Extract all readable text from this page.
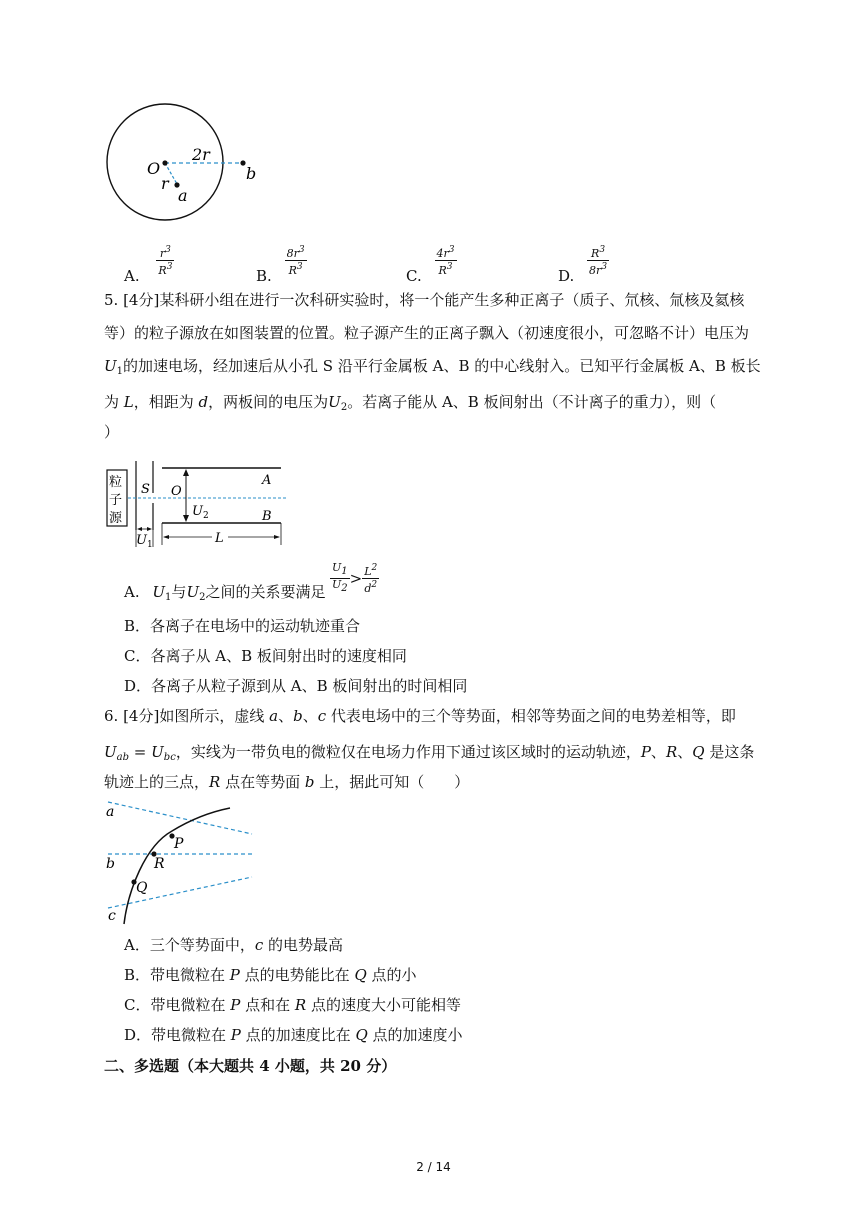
O
r
2r
a
b
A. $\frac{r^3}{R^3}$	B. $\frac{8r^3}{R^3}$	C. $\frac{4r^3}{R^3}$	D. $\frac{R^3}{8r^3}$
5. [4分]某科研小组在进行一次科研实验时，将一个能产生多种正离子（质子、氘核、氚核及氦核
等）的粒子源放在如图装置的位置。粒子源产生的正离子飘入（初速度很小，可忽略不计）电压为
$U_1$的加速电场，经加速后从小孔 S 沿平行金属板 A、B 的中心线射入。已知平行金属板 A、B 板长
为 L，相距为 d，两板间的电压为$U_2$。若离子能从 A、B 板间射出（不计离子的重力），则（
）
粒
子
源
S O
A
B
$U_2$
$U_1$	L
A. $U_1$与$U_2$之间的关系要满足 $\frac{U1}{U2} > \frac{L^2}{d^2}$
B．各离子在电场中的运动轨迹重合
C．各离子从 A、B 板间射出时的速度相同
D．各离子从粒子源到从 A、B 板间射出的时间相同
6. [4分]如图所示，虚线 a、b、c 代表电场中的三个等势面，相邻等势面之间的电势差相等，即
$U_{ab} = U_{bc}$，实线为一带负电的微粒仅在电场力作用下通过该区域时的运动轨迹，P、R、Q 是这条
轨迹上的三点，R 点在等势面 b 上，据此可知（　　）
a
b
c
P
R
Q
A．三个等势面中，c 的电势最高
B．带电微粒在 P 点的电势能比在 Q 点的小
C．带电微粒在 P 点和在 R 点的速度大小可能相等
D．带电微粒在 P 点的加速度比在 Q 点的加速度小
二、多选题（本大题共 4 小题，共 20 分）
2 / 14
